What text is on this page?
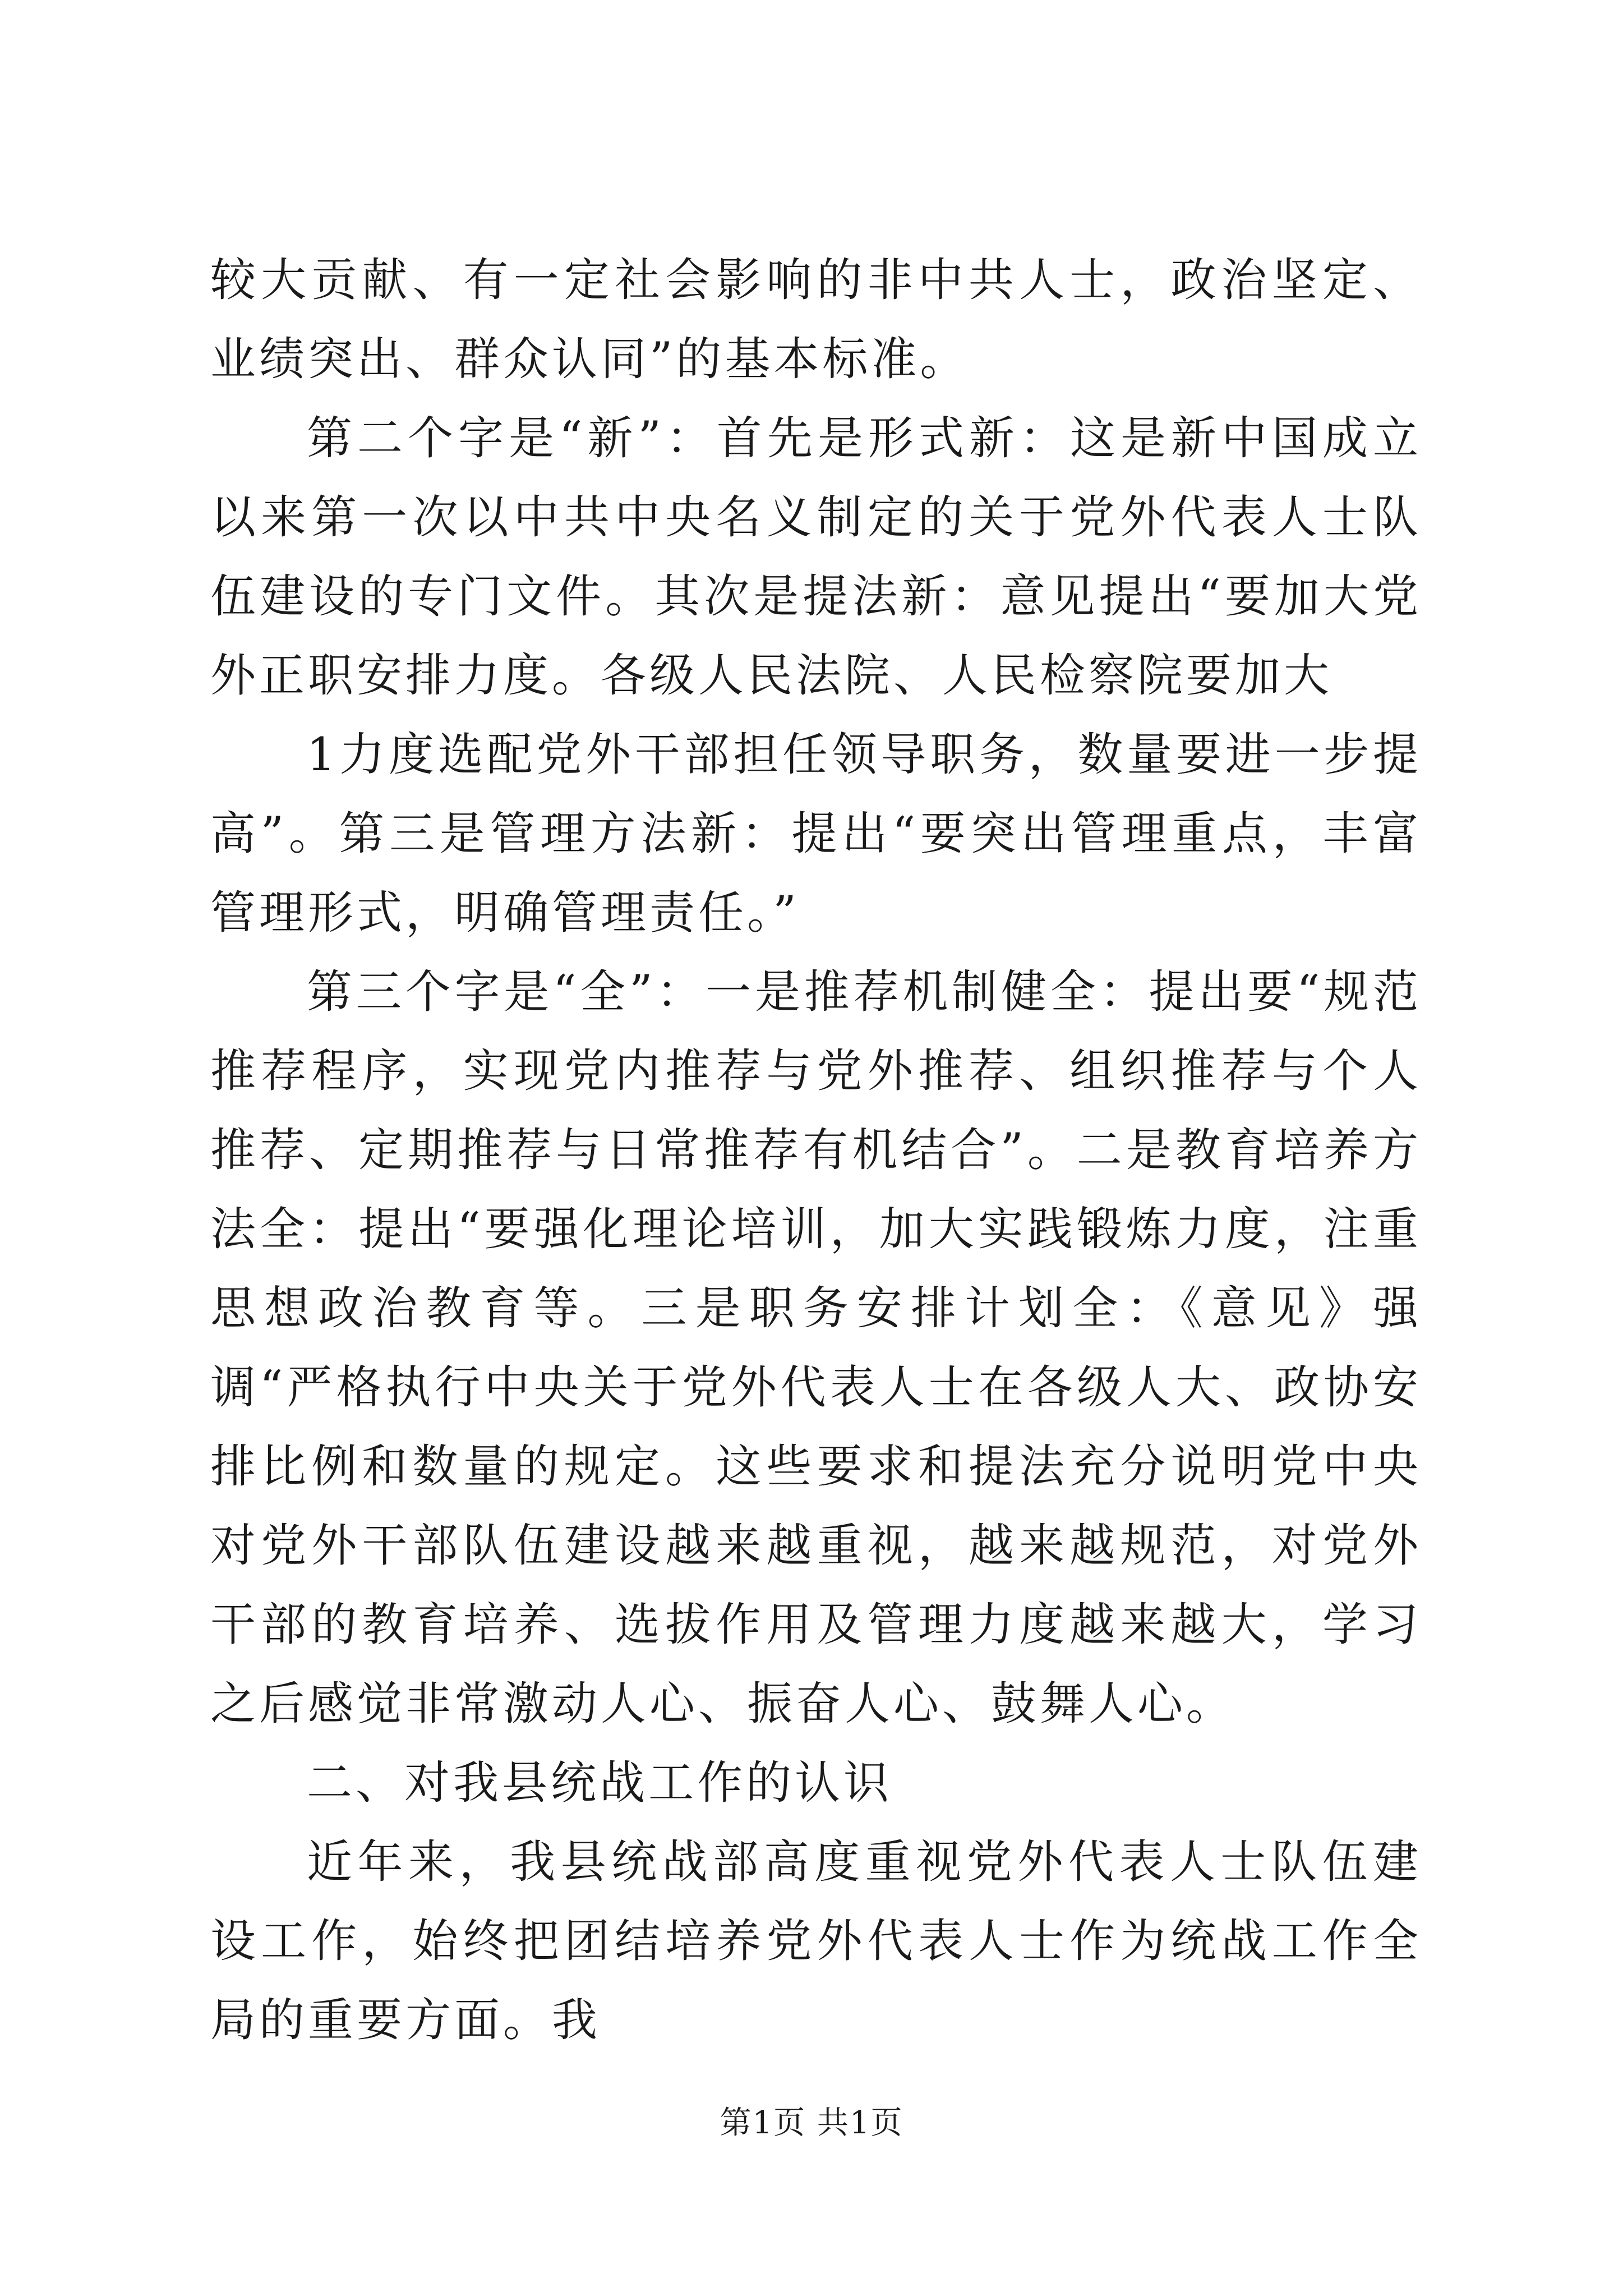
较大贡献、有一定社会影响的非中共人士，政治坚定、业绩突出、群众认同”的基本标准。

第二个字是“新”：首先是形式新：这是新中国成立以来第一次以中共中央名义制定的关于党外代表人士队伍建设的专门文件。其次是提法新：意见提出“要加大党外正职安排力度。各级人民法院、人民检察院要加大

1力度选配党外干部担任领导职务，数量要进一步提高”。第三是管理方法新：提出“要突出管理重点，丰富管理形式，明确管理责任。”

第三个字是“全”：一是推荐机制健全：提出要“规范推荐程序，实现党内推荐与党外推荐、组织推荐与个人推荐、定期推荐与日常推荐有机结合”。二是教育培养方法全：提出“要强化理论培训，加大实践锻炼力度，注重思想政治教育等。三是职务安排计划全：《意见》强调“严格执行中央关于党外代表人士在各级人大、政协安排比例和数量的规定。这些要求和提法充分说明党中央对党外干部队伍建设越来越重视，越来越规范，对党外干部的教育培养、选拔作用及管理力度越来越大，学习之后感觉非常激动人心、振奋人心、鼓舞人心。

二、对我县统战工作的认识

近年来，我县统战部高度重视党外代表人士队伍建设工作，始终把团结培养党外代表人士作为统战工作全局的重要方面。我

第1页 共1页
